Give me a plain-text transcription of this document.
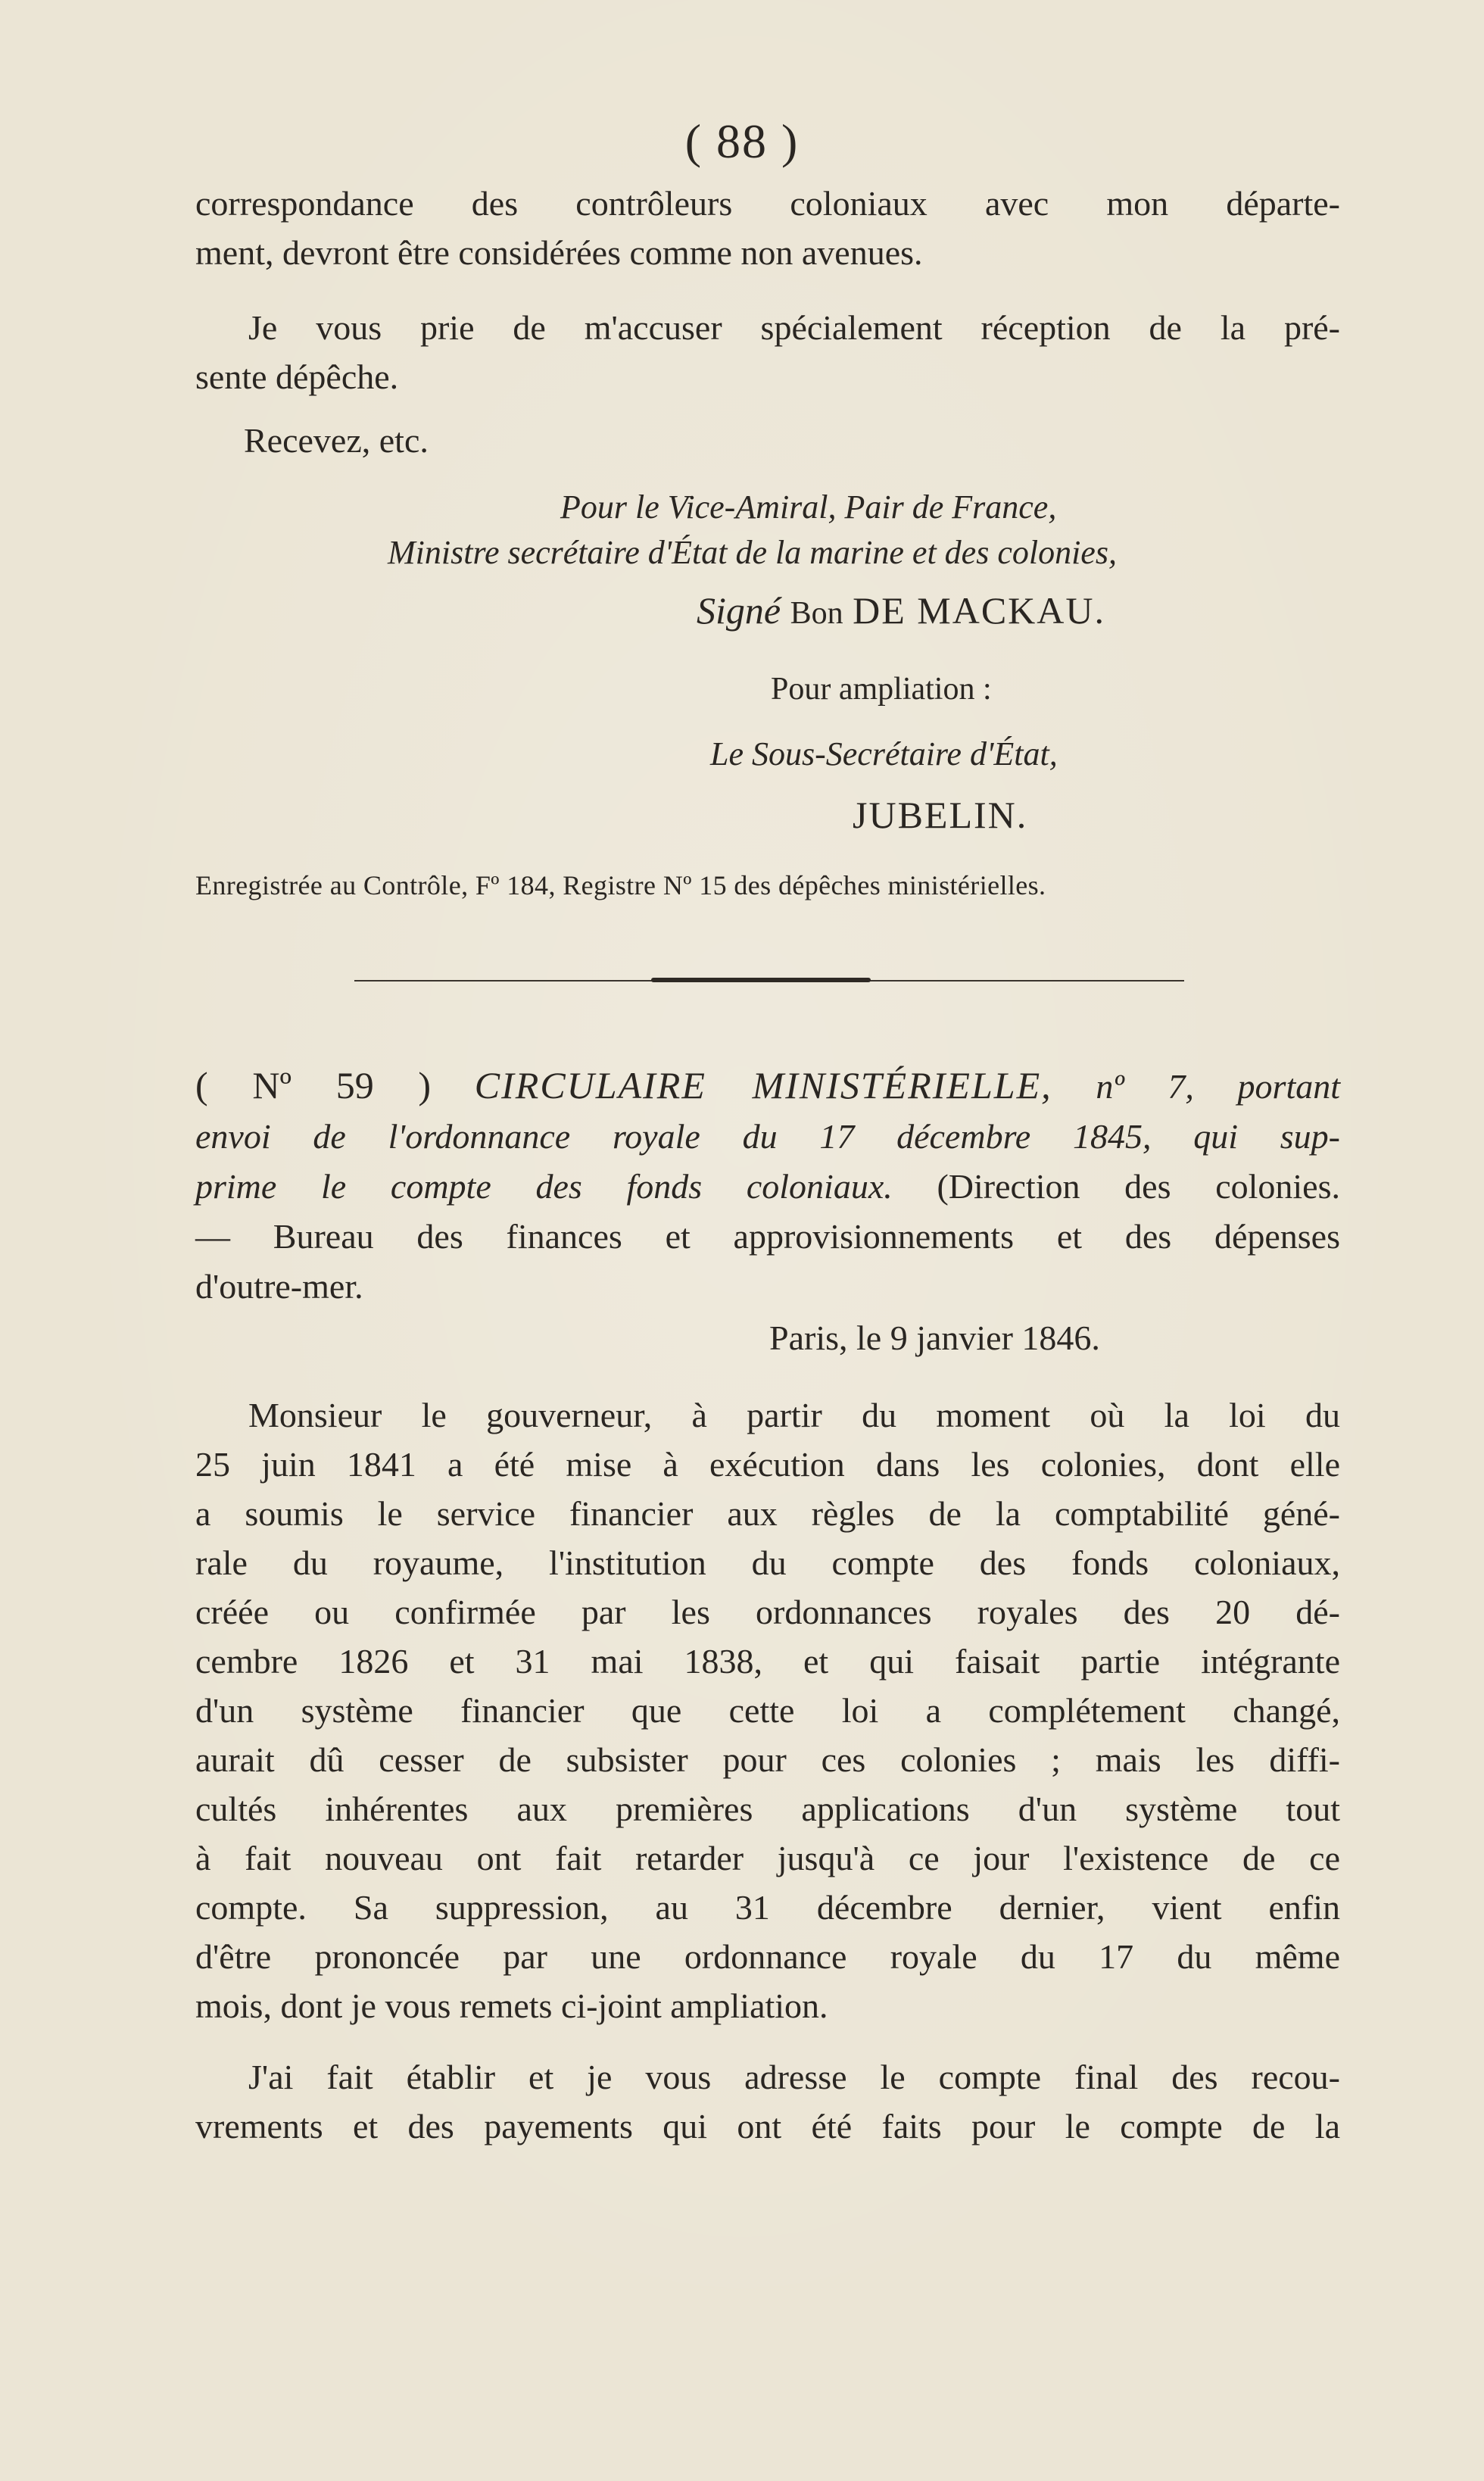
( 88 )

correspondance des contrôleurs coloniaux avec mon départe-
ment, devront être considérées comme non avenues.

Je vous prie de m'accuser spécialement réception de la pré-
sente dépêche.

Recevez, etc.
Pour le Vice-Amiral, Pair de France,
Ministre secrétaire d'État de la marine et des colonies,
Signé Bon DE MACKAU.
Pour ampliation :
Le Sous-Secrétaire d'État,
JUBELIN.
Enregistrée au Contrôle, Fº 184, Registre Nº 15 des dépêches ministérielles.
( Nº 59 ) CIRCULAIRE MINISTÉRIELLE, nº 7, portant
envoi de l'ordonnance royale du 17 décembre 1845, qui sup-
prime le compte des fonds coloniaux. (Direction des colonies.
— Bureau des finances et approvisionnements et des dépenses
d'outre-mer.
Paris, le 9 janvier 1846.

Monsieur le gouverneur, à partir du moment où la loi du
25 juin 1841 a été mise à exécution dans les colonies, dont elle
a soumis le service financier aux règles de la comptabilité géné-
rale du royaume, l'institution du compte des fonds coloniaux,
créée ou confirmée par les ordonnances royales des 20 dé-
cembre 1826 et 31 mai 1838, et qui faisait partie intégrante
d'un système financier que cette loi a complétement changé,
aurait dû cesser de subsister pour ces colonies ; mais les diffi-
cultés inhérentes aux premières applications d'un système tout
à fait nouveau ont fait retarder jusqu'à ce jour l'existence de ce
compte. Sa suppression, au 31 décembre dernier, vient enfin
d'être prononcée par une ordonnance royale du 17 du même
mois, dont je vous remets ci-joint ampliation.

J'ai fait établir et je vous adresse le compte final des recou-
vrements et des payements qui ont été faits pour le compte de la
